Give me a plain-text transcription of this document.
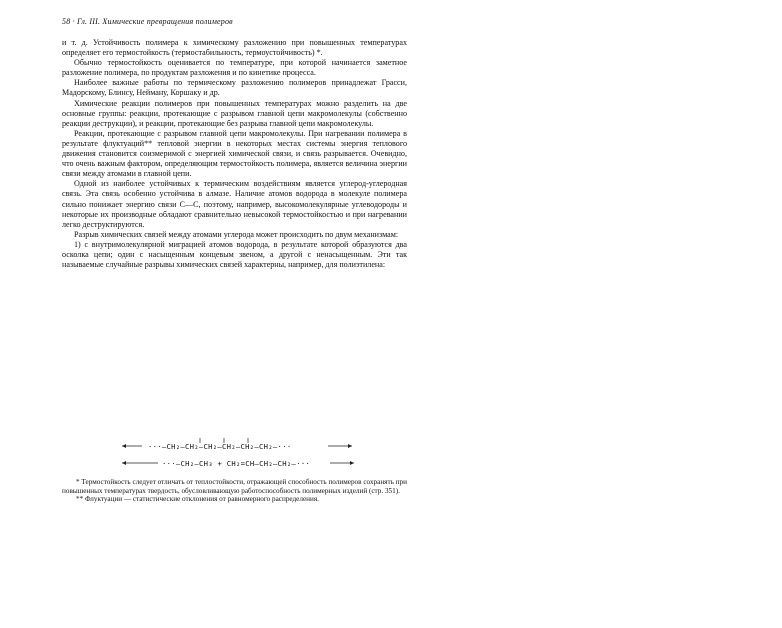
58 · Гл. III. Химические превращения полимеров

и т. д. Устойчивость полимера к химическому разложению при повышенных температурах определяет его термостойкость (термостабильность, термоустойчивость) *.

Обычно термостойкость оценивается по температуре, при которой начинается заметное разложение полимера, по продуктам разложения и по кинетике процесса.

Наиболее важные работы по термическому разложению полимеров принадлежат Грасси, Мадорскому, Блинсу, Нейману, Коршаку и др.

Химические реакции полимеров при повышенных температурах можно разделить на две основные группы: реакции, протекающие с разрывом главной цепи макромолекулы (собственно реакции деструкции), и реакции, протекающие без разрыва главной цепи макромолекулы.

Реакции, протекающие с разрывом главной цепи макромолекулы. При нагревании полимера в результате флуктуаций** тепловой энергии в некоторых местах системы энергия теплового движения становится соизмеримой с энергией химической связи, и связь разрывается. Очевидно, что очень важным фактором, определяющим термостойкость полимера, является величина энергии связи между атомами в главной цепи.

Одной из наиболее устойчивых к термическим воздействиям является углерод-углеродная связь. Эта связь особенно устойчива в алмазе. Наличие атомов водорода в молекуле полимера сильно понижает энергию связи С—С, поэтому, например, высокомолекулярные углеводороды и некоторые их производные обладают сравнительно невысокой термостойкостью и при нагревании легко деструктируются.

Разрыв химических связей между атомами углерода может происходить по двум механизмам:

1) с внутримолекулярной миграцией атомов водорода, в результате которой образуются два осколка цепи; один с насыщенным концевым звеном, а другой с ненасыщенным. Эти так называемые случайные разрывы химических связей характерны, например, для полиэтилена:

···—CH₂—CH₂—CH₂—CH₂—CH₂—CH₂—···
···—CH₂—CH₃ + CH₂=CH—CH₂—CH₂—···

* Термостойкость следует отличать от теплостойкости, отражающей способность полимеров сохранять при повышенных температурах твердость, обусловливающую работоспособность полимерных изделий (стр. 351).

** Флуктуации — статистические отклонения от равномерного распределения.
